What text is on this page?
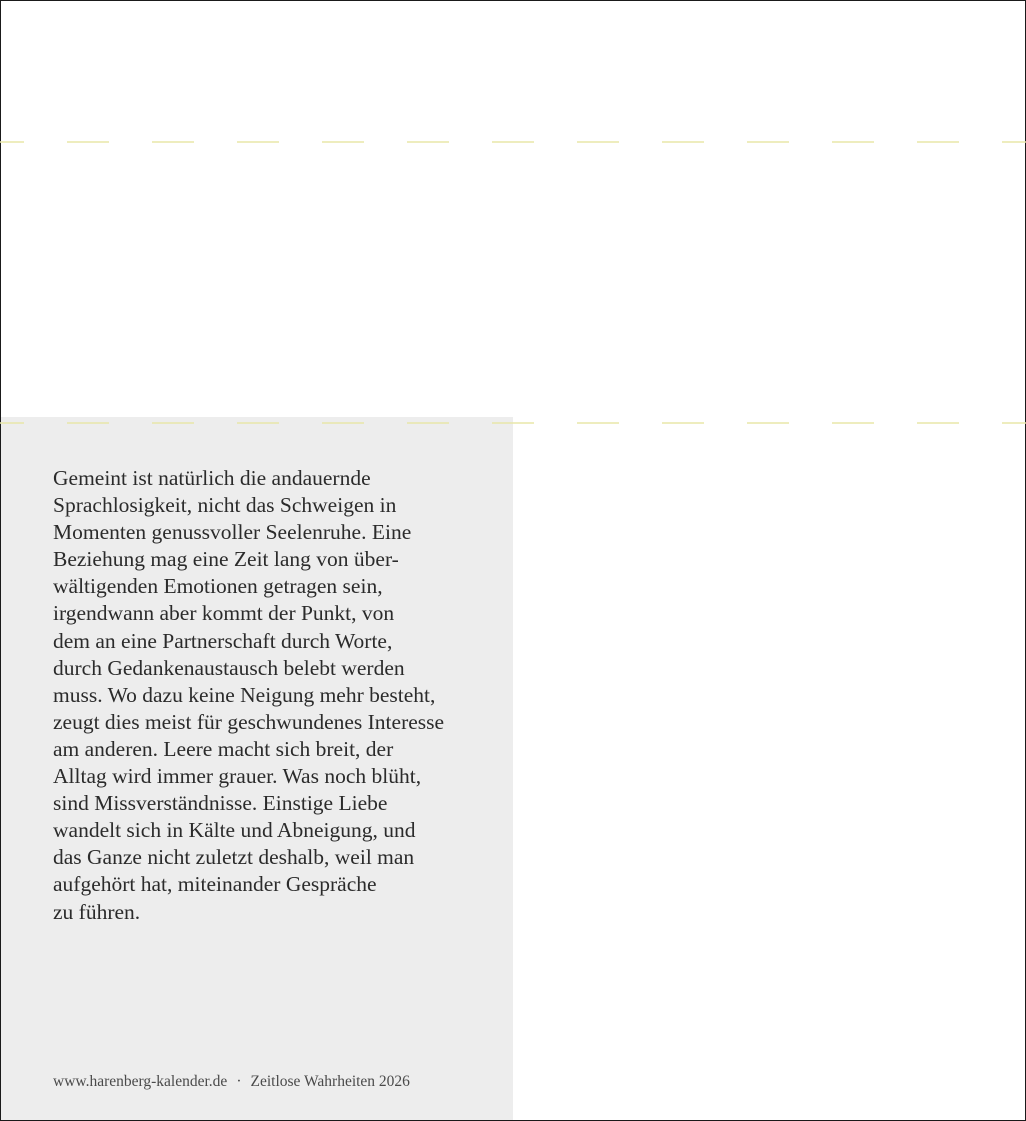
Gemeint ist natürlich die andauernde
Sprachlosigkeit, nicht das Schweigen in
Momenten genussvoller Seelenruhe. Eine
Beziehung mag eine Zeit lang von über-
wältigenden Emotionen getragen sein,
irgendwann aber kommt der Punkt, von
dem an eine Partnerschaft durch Worte,
durch Gedankenaustausch belebt werden
muss. Wo dazu keine Neigung mehr besteht,
zeugt dies meist für geschwundenes Interesse
am anderen. Leere macht sich breit, der
Alltag wird immer grauer. Was noch blüht,
sind Missverständnisse. Einstige Liebe
wandelt sich in Kälte und Abneigung, und
das Ganze nicht zuletzt deshalb, weil man
aufgehört hat, miteinander Gespräche
zu führen.

www.harenberg-kalender.de · Zeitlose Wahrheiten 2026
